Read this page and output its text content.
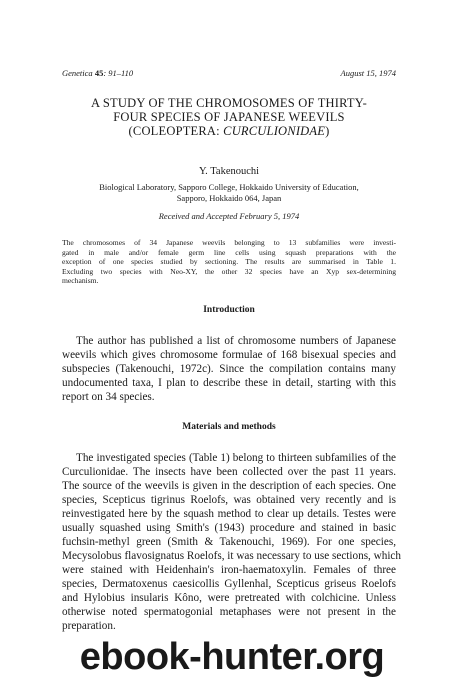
Genetica 45: 91–110	August 15, 1974
A STUDY OF THE CHROMOSOMES OF THIRTY-
FOUR SPECIES OF JAPANESE WEEVILS
(COLEOPTERA: CURCULIONIDAE)
Y. Takenouchi
Biological Laboratory, Sapporo College, Hokkaido University of Education,
Sapporo, Hokkaido 064, Japan
Received and Accepted February 5, 1974
The chromosomes of 34 Japanese weevils belonging to 13 subfamilies were investi-
gated in male and/or female germ line cells using squash preparations with the
exception of one species studied by sectioning. The results are summarised in Table 1.
Excluding two species with Neo-XY, the other 32 species have an Xyp sex-determining
mechanism.
Introduction
The author has published a list of chromosome numbers of Japanese
weevils which gives chromosome formulae of 168 bisexual species and
subspecies (Takenouchi, 1972c). Since the compilation contains many
undocumented taxa, I plan to describe these in detail, starting with this
report on 34 species.
Materials and methods
The investigated species (Table 1) belong to thirteen subfamilies of the
Curculionidae. The insects have been collected over the past 11 years.
The source of the weevils is given in the description of each species. One
species, Scepticus tigrinus Roelofs, was obtained very recently and is
reinvestigated here by the squash method to clear up details. Testes were
usually squashed using Smith's (1943) procedure and stained in basic
fuchsin-methyl green (Smith & Takenouchi, 1969). For one species,
Mecysolobus flavosignatus Roelofs, it was necessary to use sections, which
were stained with Heidenhain's iron-haematoxylin. Females of three
species, Dermatoxenus caesicollis Gyllenhal, Scepticus griseus Roelofs
and Hylobius insularis Kôno, were pretreated with colchicine. Unless
otherwise noted spermatogonial metaphases were not present in the
preparation.
ebook-hunter.org
